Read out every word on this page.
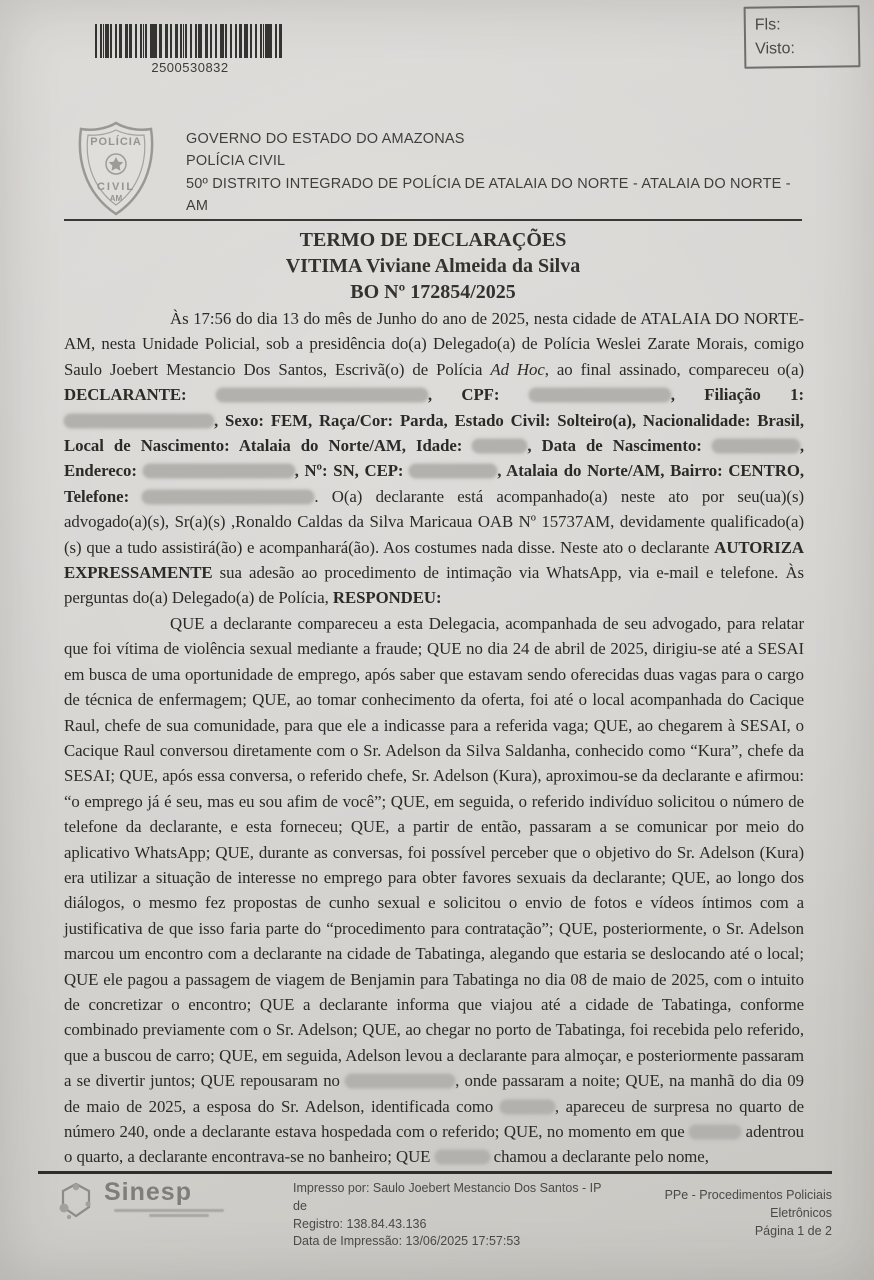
2500530832
Fls:
Visto:
POLÍCIA
CIVIL
AM
GOVERNO DO ESTADO DO AMAZONAS
POLÍCIA CIVIL
50º DISTRITO INTEGRADO DE POLÍCIA DE ATALAIA DO NORTE - ATALAIA DO NORTE - AM
TERMO DE DECLARAÇÕES
VITIMA Viviane Almeida da Silva
BO Nº 172854/2025

Às 17:56 do dia 13 do mês de Junho do ano de 2025, nesta cidade de ATALAIA DO NORTE-AM, nesta Unidade Policial, sob a presidência do(a) Delegado(a) de Polícia Weslei Zarate Morais, comigo Saulo Joebert Mestancio Dos Santos, Escrivã(o) de Polícia Ad Hoc, ao final assinado, compareceu o(a) DECLARANTE:	, CPF:	, Filiação 1: , Sexo: FEM, Raça/Cor: Parda, Estado Civil: Solteiro(a), Nacionalidade: Brasil, Local de Nascimento: Atalaia do Norte/AM, Idade:	, Data de Nascimento:	, Endereco:	, Nº: SN, CEP:	, Atalaia do Norte/AM, Bairro: CENTRO, Telefone:	. O(a) declarante está acompanhado(a) neste ato por seu(ua)(s) advogado(a)(s), Sr(a)(s) ,Ronaldo Caldas da Silva Maricaua OAB Nº 15737AM, devidamente qualificado(a)(s) que a tudo assistirá(ão) e acompanhará(ão). Aos costumes nada disse. Neste ato o declarante AUTORIZA EXPRESSAMENTE sua adesão ao procedimento de intimação via WhatsApp, via e-mail e telefone. Às perguntas do(a) Delegado(a) de Polícia, RESPONDEU:

QUE a declarante compareceu a esta Delegacia, acompanhada de seu advogado, para relatar que foi vítima de violência sexual mediante a fraude; QUE no dia 24 de abril de 2025, dirigiu-se até a SESAI em busca de uma oportunidade de emprego, após saber que estavam sendo oferecidas duas vagas para o cargo de técnica de enfermagem; QUE, ao tomar conhecimento da oferta, foi até o local acompanhada do Cacique Raul, chefe de sua comunidade, para que ele a indicasse para a referida vaga; QUE, ao chegarem à SESAI, o Cacique Raul conversou diretamente com o Sr. Adelson da Silva Saldanha, conhecido como “Kura”, chefe da SESAI; QUE, após essa conversa, o referido chefe, Sr. Adelson (Kura), aproximou-se da declarante e afirmou: “o emprego já é seu, mas eu sou afim de você”; QUE, em seguida, o referido indivíduo solicitou o número de telefone da declarante, e esta forneceu; QUE, a partir de então, passaram a se comunicar por meio do aplicativo WhatsApp; QUE, durante as conversas, foi possível perceber que o objetivo do Sr. Adelson (Kura) era utilizar a situação de interesse no emprego para obter favores sexuais da declarante; QUE, ao longo dos diálogos, o mesmo fez propostas de cunho sexual e solicitou o envio de fotos e vídeos íntimos com a justificativa de que isso faria parte do “procedimento para contratação”; QUE, posteriormente, o Sr. Adelson marcou um encontro com a declarante na cidade de Tabatinga, alegando que estaria se deslocando até o local; QUE ele pagou a passagem de viagem de Benjamin para Tabatinga no dia 08 de maio de 2025, com o intuito de concretizar o encontro; QUE a declarante informa que viajou até a cidade de Tabatinga, conforme combinado previamente com o Sr. Adelson; QUE, ao chegar no porto de Tabatinga, foi recebida pelo referido, que a buscou de carro; QUE, em seguida, Adelson levou a declarante para almoçar, e posteriormente passaram a se divertir juntos; QUE repousaram no	, onde passaram a noite; QUE, na manhã do dia 09 de maio de 2025, a esposa do Sr. Adelson, identificada como	, apareceu de surpresa no quarto de número 240, onde a declarante estava hospedada com o referido; QUE, no momento em que	adentrou o quarto, a declarante encontrava-se no banheiro; QUE	chamou a declarante pelo nome,

Sinesp	Impresso por: Saulo Joebert Mestancio Dos Santos - IP de
Registro: 138.84.43.136
Data de Impressão: 13/06/2025 17:57:53
PPe - Procedimentos Policiais Eletrônicos
Página 1 de 2
